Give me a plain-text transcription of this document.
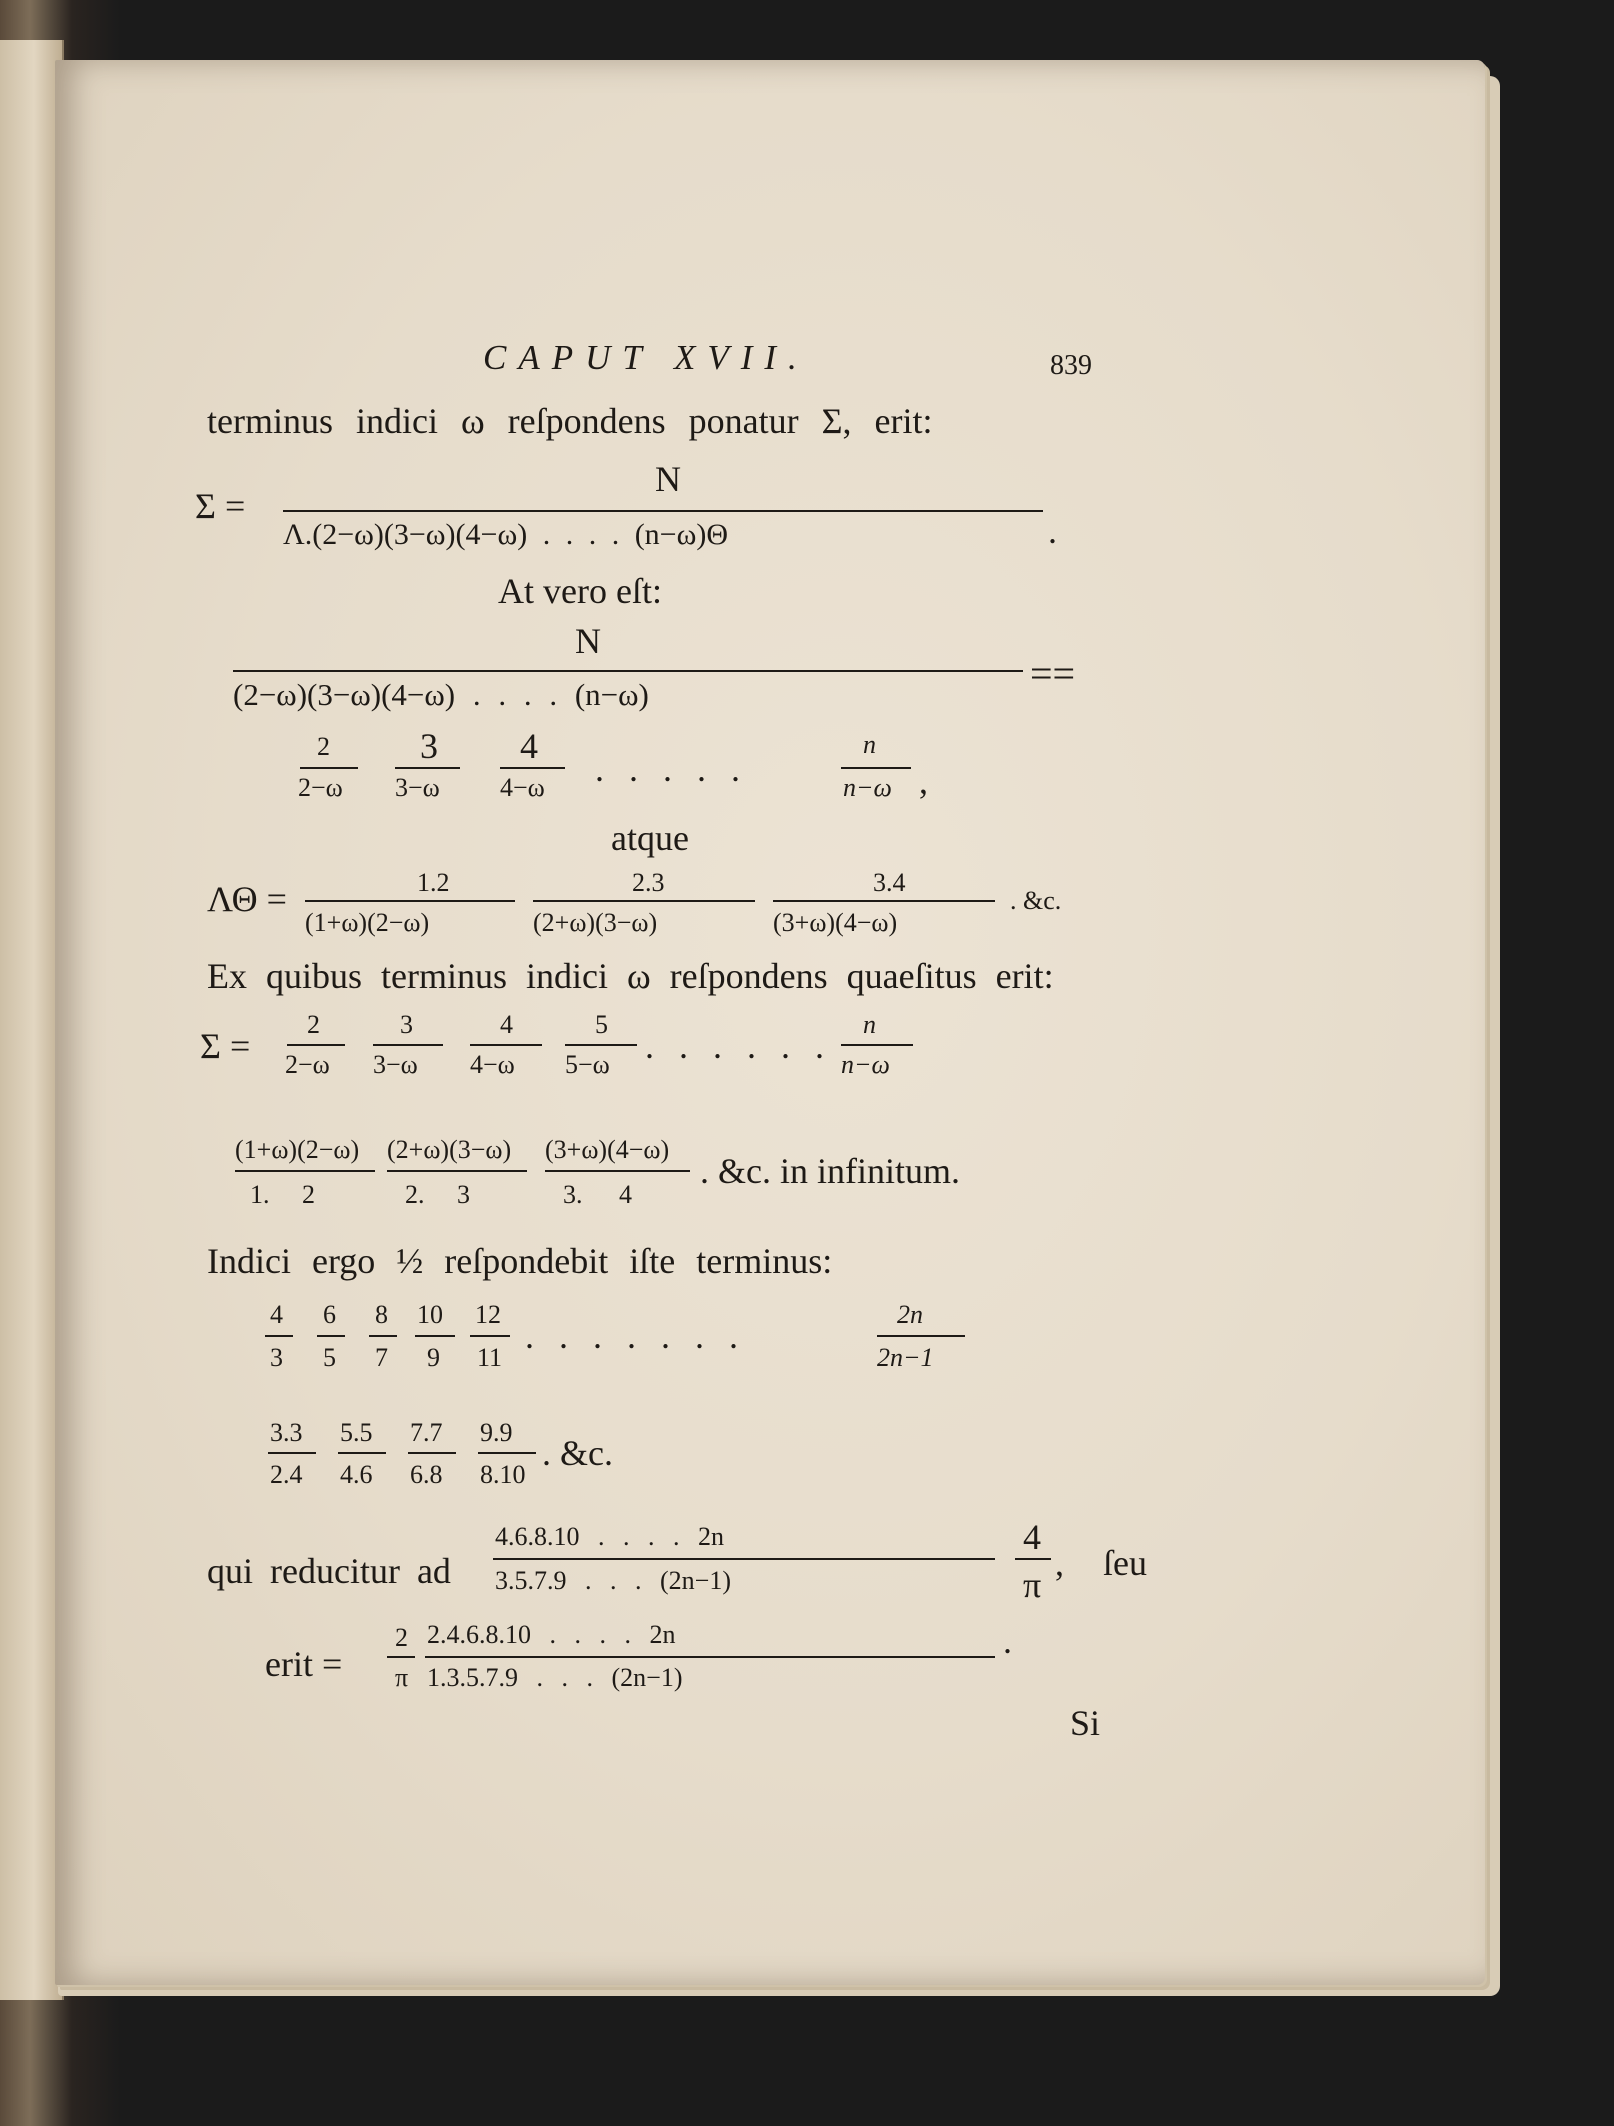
CAPUT XVII.	839
terminus indici ω reſpondens ponatur Σ, erit:
Σ =
N
Λ.(2−ω)(3−ω)(4−ω) . . . . (n−ω)Θ	.
At vero eſt:
N
(2−ω)(3−ω)(4−ω) . . . . (n−ω)	==
2	3 4	n
2−ω 3−ω 4−ω . . . . .	n−ω ,
atque
ΛΘ =	1.2	2.3	3.4
(1+ω)(2−ω)	(2+ω)(3−ω)	(3+ω)(4−ω)
. &c.
Ex quibus terminus indici ω reſpondens quaeſitus erit:
Σ =
2	3	4	5	n
2−ω 3−ω 4−ω 5−ω . . . . . . n−ω
(1+ω)(2−ω) (2+ω)(3−ω) (3+ω)(4−ω)
1. 2	2. 3	3. 4
. &c. in infinitum.
Indici ergo ½ reſpondebit iſte terminus:
4 6 8 10 12	2n
3 5 7 9 11
. . . . . . .
2n−1
3.3 5.5 7.7 9.9
2.4 4.6 6.8 8.10
. &c.
qui reducitur ad
4.6.8.10 . . . . 2n
3.5.7.9 . . . (2n−1)
4
π
, ſeu
erit =
2
π
2.4.6.8.10 . . . . 2n
1.3.5.7.9 . . . (2n−1)
.
Si
